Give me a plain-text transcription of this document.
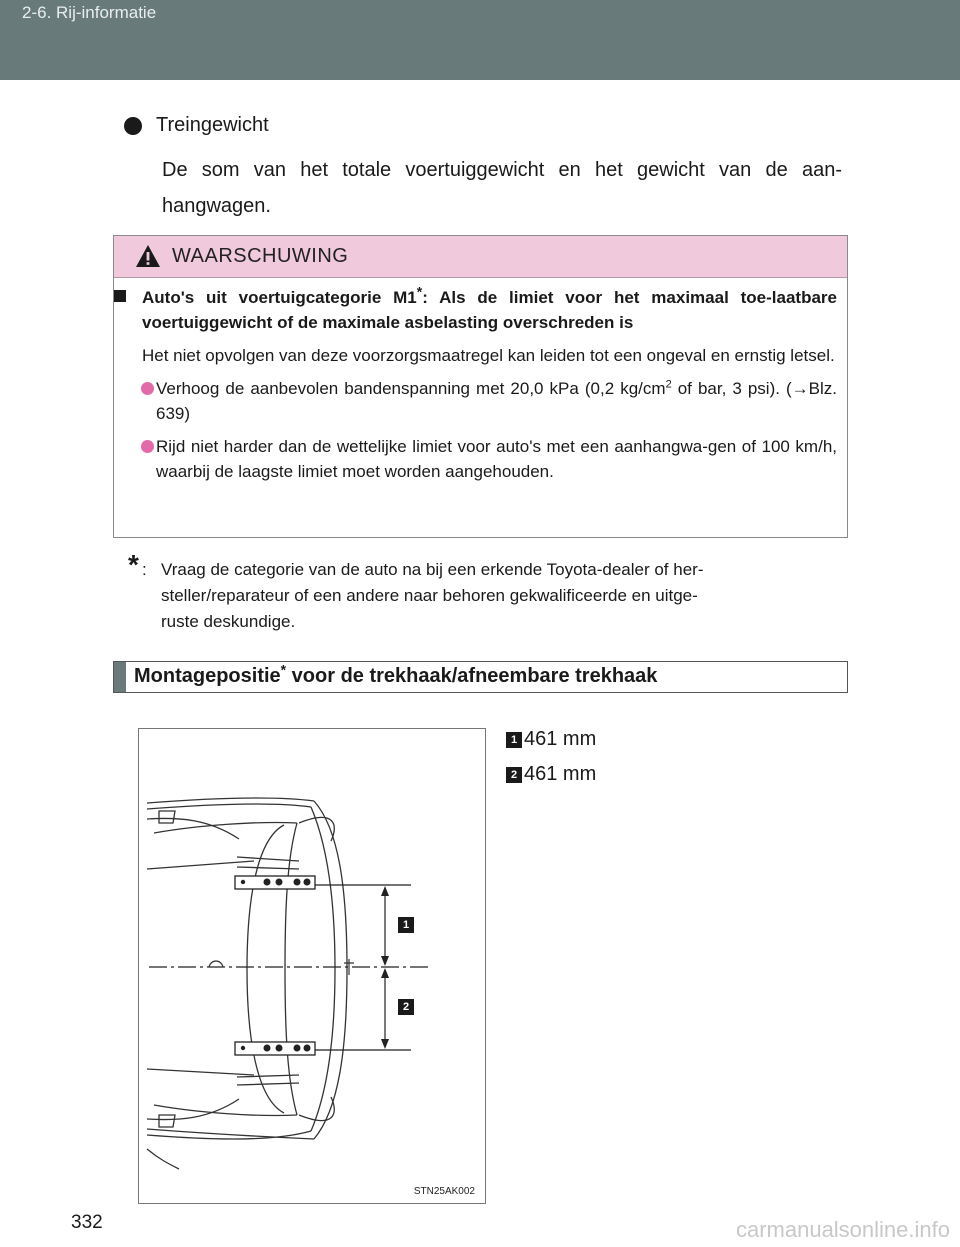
2-6. Rij-informatie
Treingewicht
De som van het totale voertuiggewicht en het gewicht van de aan-hangwagen.
WAARSCHUWING
Auto's uit voertuigcategorie M1*: Als de limiet voor het maximaal toe-laatbare voertuiggewicht of de maximale asbelasting overschreden is
Het niet opvolgen van deze voorzorgsmaatregel kan leiden tot een ongeval en ernstig letsel.
Verhoog de aanbevolen bandenspanning met 20,0 kPa (0,2 $kg/cm^2$ of bar, 3 psi). (→Blz. 639)
Rijd niet harder dan de wettelijke limiet voor auto's met een aanhangwa-gen of 100 km/h, waarbij de laagste limiet moet worden aangehouden.
* : Vraag de categorie van de auto na bij een erkende Toyota-dealer of her-
steller/reparateur of een andere naar behoren gekwalificeerde en uitge-
ruste deskundige.
Montagepositie* voor de trekhaak/afneembare trekhaak
1
2
STN25AK002
1 461 mm
2 461 mm
332	carmanualsonline.info
